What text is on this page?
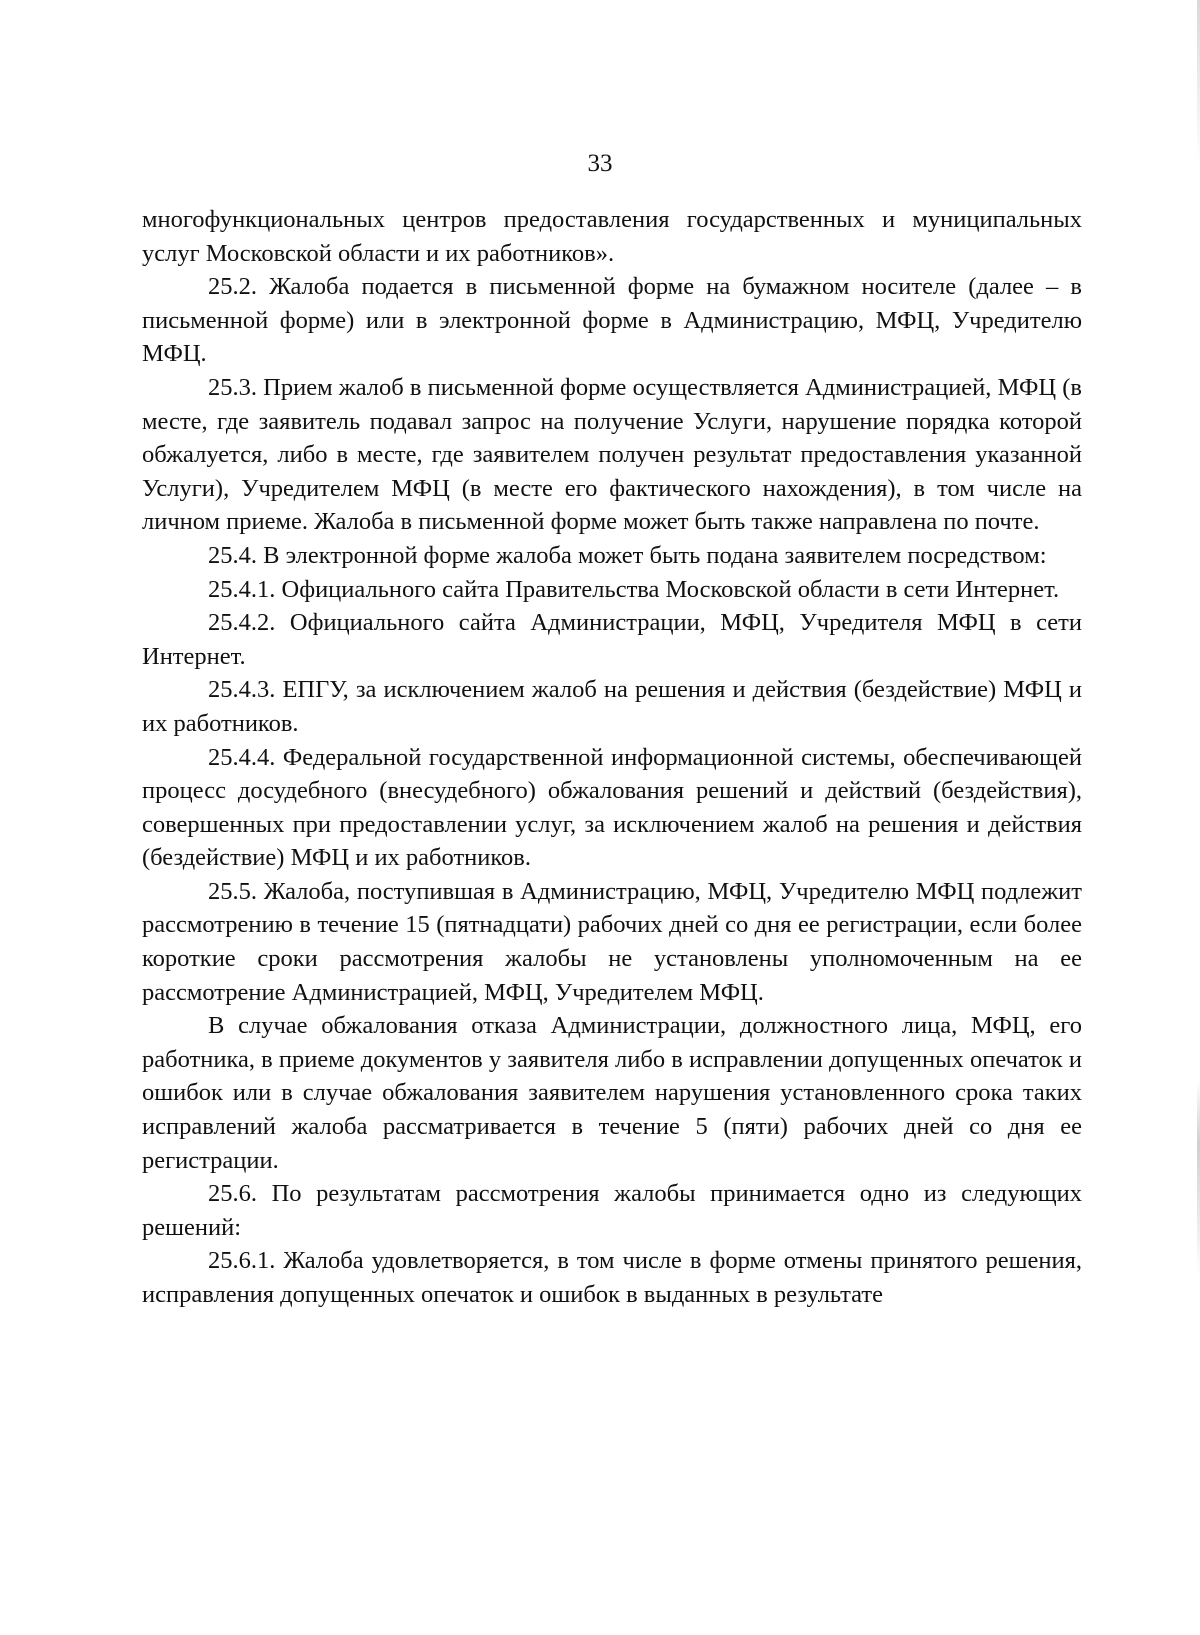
33

многофункциональных центров предоставления государственных и муниципальных услуг Московской области и их работников».

25.2. Жалоба подается в письменной форме на бумажном носителе (далее – в письменной форме) или в электронной форме в Администрацию, МФЦ, Учредителю МФЦ.

25.3. Прием жалоб в письменной форме осуществляется Администрацией, МФЦ (в месте, где заявитель подавал запрос на получение Услуги, нарушение порядка которой обжалуется, либо в месте, где заявителем получен результат предоставления указанной Услуги), Учредителем МФЦ (в месте его фактического нахождения), в том числе на личном приеме. Жалоба в письменной форме может быть также направлена по почте.

25.4. В электронной форме жалоба может быть подана заявителем посредством:

25.4.1. Официального сайта Правительства Московской области в сети Интернет.

25.4.2. Официального сайта Администрации, МФЦ, Учредителя МФЦ в сети Интернет.

25.4.3. ЕПГУ, за исключением жалоб на решения и действия (бездействие) МФЦ и их работников.

25.4.4. Федеральной государственной информационной системы, обеспечивающей процесс досудебного (внесудебного) обжалования решений и действий (бездействия), совершенных при предоставлении услуг, за исключением жалоб на решения и действия (бездействие) МФЦ и их работников.

25.5. Жалоба, поступившая в Администрацию, МФЦ, Учредителю МФЦ подлежит рассмотрению в течение 15 (пятнадцати) рабочих дней со дня ее регистрации, если более короткие сроки рассмотрения жалобы не установлены уполномоченным на ее рассмотрение Администрацией, МФЦ, Учредителем МФЦ.

В случае обжалования отказа Администрации, должностного лица, МФЦ, его работника, в приеме документов у заявителя либо в исправлении допущенных опечаток и ошибок или в случае обжалования заявителем нарушения установленного срока таких исправлений жалоба рассматривается в течение 5 (пяти) рабочих дней со дня ее регистрации.

25.6. По результатам рассмотрения жалобы принимается одно из следующих решений:

25.6.1. Жалоба удовлетворяется, в том числе в форме отмены принятого решения, исправления допущенных опечаток и ошибок в выданных в результате
